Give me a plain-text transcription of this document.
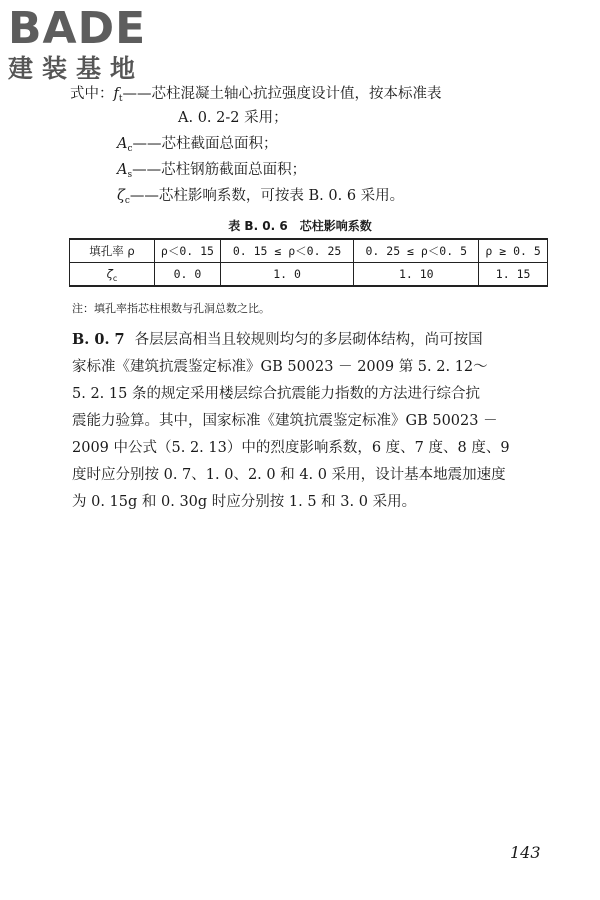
BADE
建装基地
式中：$f_t——$芯柱混凝土轴心抗拉强度设计值，按本标准表
A. 0. 2-2 采用；
$A_c——$芯柱截面总面积；
$A_s——$芯柱钢筋截面总面积；
$\zeta_c——$芯柱影响系数，可按表 B. 0. 6 采用。
表 B. 0. 6　芯柱影响系数
填孔率 ρ	ρ＜0. 15	0. 15 ≤ ρ＜0. 25	0. 25 ≤ ρ＜0. 5	ρ ≥ 0. 5
$\zeta_c$	0. 0	1. 0	1. 10	1. 15
注：填孔率指芯柱根数与孔洞总数之比。
B. 0. 7 各层层高相当且较规则均匀的多层砌体结构，尚可按国
家标准《建筑抗震鉴定标准》GB 50023 － 2009 第 5. 2. 12～
5. 2. 15 条的规定采用楼层综合抗震能力指数的方法进行综合抗
震能力验算。其中，国家标准《建筑抗震鉴定标准》GB 50023 －
2009 中公式（5. 2. 13）中的烈度影响系数，6 度、7 度、8 度、9
度时应分别按 0. 7、1. 0、2. 0 和 4. 0 采用，设计基本地震加速度
为 0. 15g 和 0. 30g 时应分别按 1. 5 和 3. 0 采用。
143
